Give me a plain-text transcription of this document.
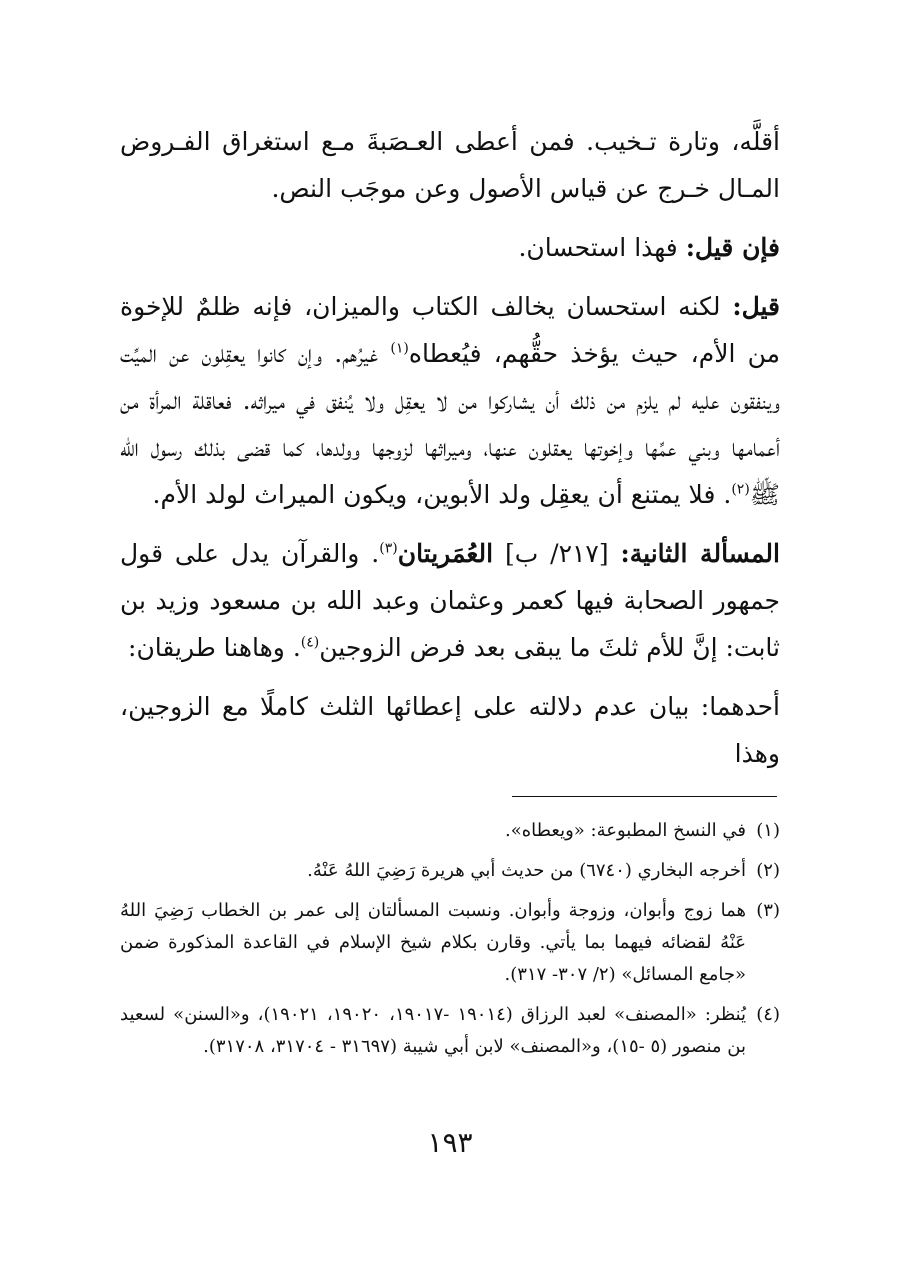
أقلَّه، وتارة تـخيب. فمن أعطى العـصَبةَ مـع استغراق الفـروض المـال خـرج عن قياس الأصول وعن موجَب النص.

فإن قيل: فهذا استحسان.

قيل: لكنه استحسان يخالف الكتاب والميزان، فإنه ظلمٌ للإخوة من الأم، حيث يؤخذ حقُّهم، فيُعطاه$^{(١)}$ غيرُهم. وإن كانوا يعقِلون عن الميِّت وينفقون عليه لم يلزم من ذلك أن يشاركوا من لا يعقِل ولا يُنفق في ميراثه. فعاقلة المرأة من أعمامها وبني عمِّها وإخوتها يعقلون عنها، وميراثها لزوجها وولدها، كما قضى بذلك رسول الله ﷺ$^{(٢)}$. فلا يمتنع أن يعقِل ولد الأبوين، ويكون الميراث لولد الأم.

المسألة الثانية: [٢١٧/ ب] العُمَريتان$^{(٣)}$. والقرآن يدل على قول جمهور الصحابة فيها كعمر وعثمان وعبد الله بن مسعود وزيد بن ثابت: إنَّ للأم ثلثَ ما يبقى بعد فرض الزوجين$^{(٤)}$. وهاهنا طريقان:

أحدهما: بيان عدم دلالته على إعطائها الثلث كاملًا مع الزوجين، وهذا

(١)
في النسخ المطبوعة: «ويعطاه».
(٢)
أخرجه البخاري (٦٧٤٠) من حديث أبي هريرة رَضِيَ اللهُ عَنْهُ.
(٣)
هما زوج وأبوان، وزوجة وأبوان. ونسبت المسألتان إلى عمر بن الخطاب رَضِيَ اللهُ عَنْهُ لقضائه فيهما بما يأتي. وقارن بكلام شيخ الإسلام في القاعدة المذكورة ضمن «جامع المسائل» (٢/ ٣٠٧- ٣١٧).
(٤)
يُنظر: «المصنف» لعبد الرزاق (١٩٠١٤ -١٩٠١٧، ١٩٠٢٠، ١٩٠٢١)، و«السنن» لسعيد بن منصور (٥ -١٥)، و«المصنف» لابن أبي شيبة (٣١٦٩٧ - ٣١٧٠٤، ٣١٧٠٨).
١٩٣
